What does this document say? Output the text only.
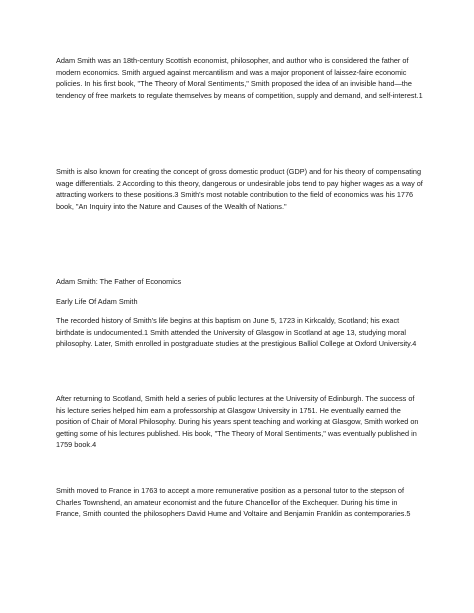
Adam Smith was an 18th-century Scottish economist, philosopher, and author who is considered the father of modern economics. Smith argued against mercantilism and was a major proponent of laissez-faire economic policies. In his first book, "The Theory of Moral Sentiments," Smith proposed the idea of an invisible hand—the tendency of free markets to regulate themselves by means of competition, supply and demand, and self-interest.1

Smith is also known for creating the concept of gross domestic product (GDP) and for his theory of compensating wage differentials. 2 According to this theory, dangerous or undesirable jobs tend to pay higher wages as a way of attracting workers to these positions.3 Smith's most notable contribution to the field of economics was his 1776 book, "An Inquiry into the Nature and Causes of the Wealth of Nations."

Adam Smith: The Father of Economics

Early Life Of Adam Smith

The recorded history of Smith's life begins at this baptism on June 5, 1723 in Kirkcaldy, Scotland; his exact birthdate is undocumented.1 Smith attended the University of Glasgow in Scotland at age 13, studying moral philosophy. Later, Smith enrolled in postgraduate studies at the prestigious Balliol College at Oxford University.4

After returning to Scotland, Smith held a series of public lectures at the University of Edinburgh. The success of his lecture series helped him earn a professorship at Glasgow University in 1751. He eventually earned the position of Chair of Moral Philosophy. During his years spent teaching and working at Glasgow, Smith worked on getting some of his lectures published. His book, "The Theory of Moral Sentiments," was eventually published in 1759 book.4

Smith moved to France in 1763 to accept a more remunerative position as a personal tutor to the stepson of Charles Townshend, an amateur economist and the future Chancellor of the Exchequer. During his time in France, Smith counted the philosophers David Hume and Voltaire and Benjamin Franklin as contemporaries.5
